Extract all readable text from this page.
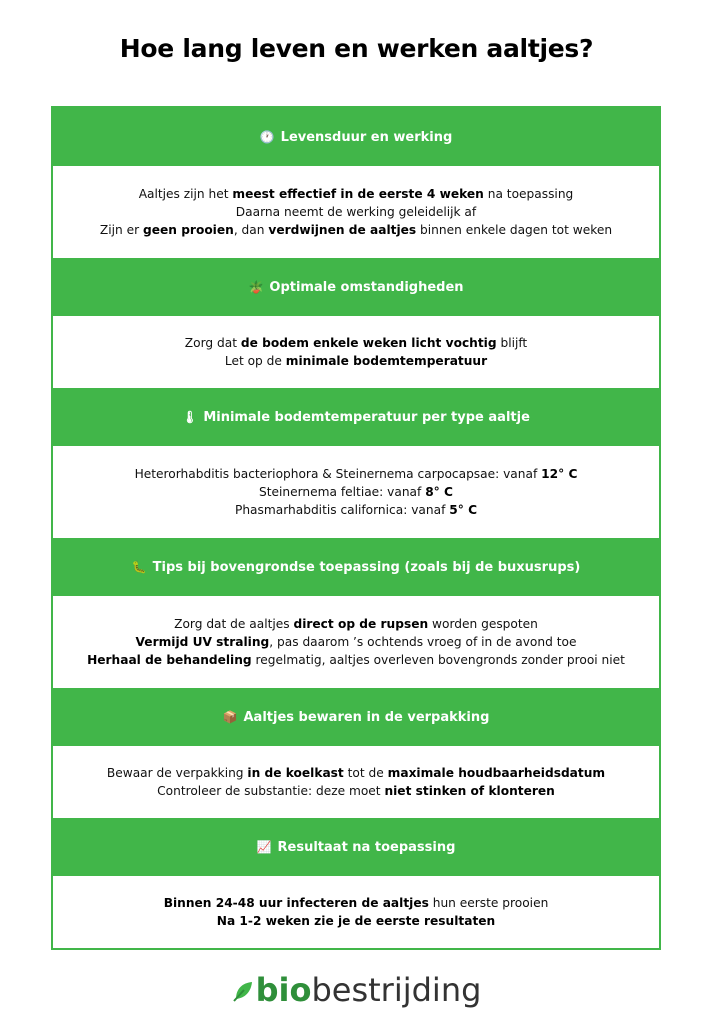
Hoe lang leven en werken aaltjes?
🕐 Levensduur en werking
Aaltjes zijn het meest effectief in de eerste 4 weken na toepassing
Daarna neemt de werking geleidelijk af
Zijn er geen prooien, dan verdwijnen de aaltjes binnen enkele dagen tot weken
🪴 Optimale omstandigheden
Zorg dat de bodem enkele weken licht vochtig blijft
Let op de minimale bodemtemperatuur
🌡 Minimale bodemtemperatuur per type aaltje
Heterorhabditis bacteriophora & Steinernema carpocapsae: vanaf 12° C
Steinernema feltiae: vanaf 8° C
Phasmarhabditis californica: vanaf 5° C
🐛 Tips bij bovengrondse toepassing (zoals bij de buxusrups)
Zorg dat de aaltjes direct op de rupsen worden gespoten
Vermijd UV straling, pas daarom ’s ochtends vroeg of in de avond toe
Herhaal de behandeling regelmatig, aaltjes overleven bovengronds zonder prooi niet
📦 Aaltjes bewaren in de verpakking
Bewaar de verpakking in de koelkast tot de maximale houdbaarheidsdatum
Controleer de substantie: deze moet niet stinken of klonteren
📈 Resultaat na toepassing
Binnen 24-48 uur infecteren de aaltjes hun eerste prooien
Na 1-2 weken zie je de eerste resultaten
biobestrijding
